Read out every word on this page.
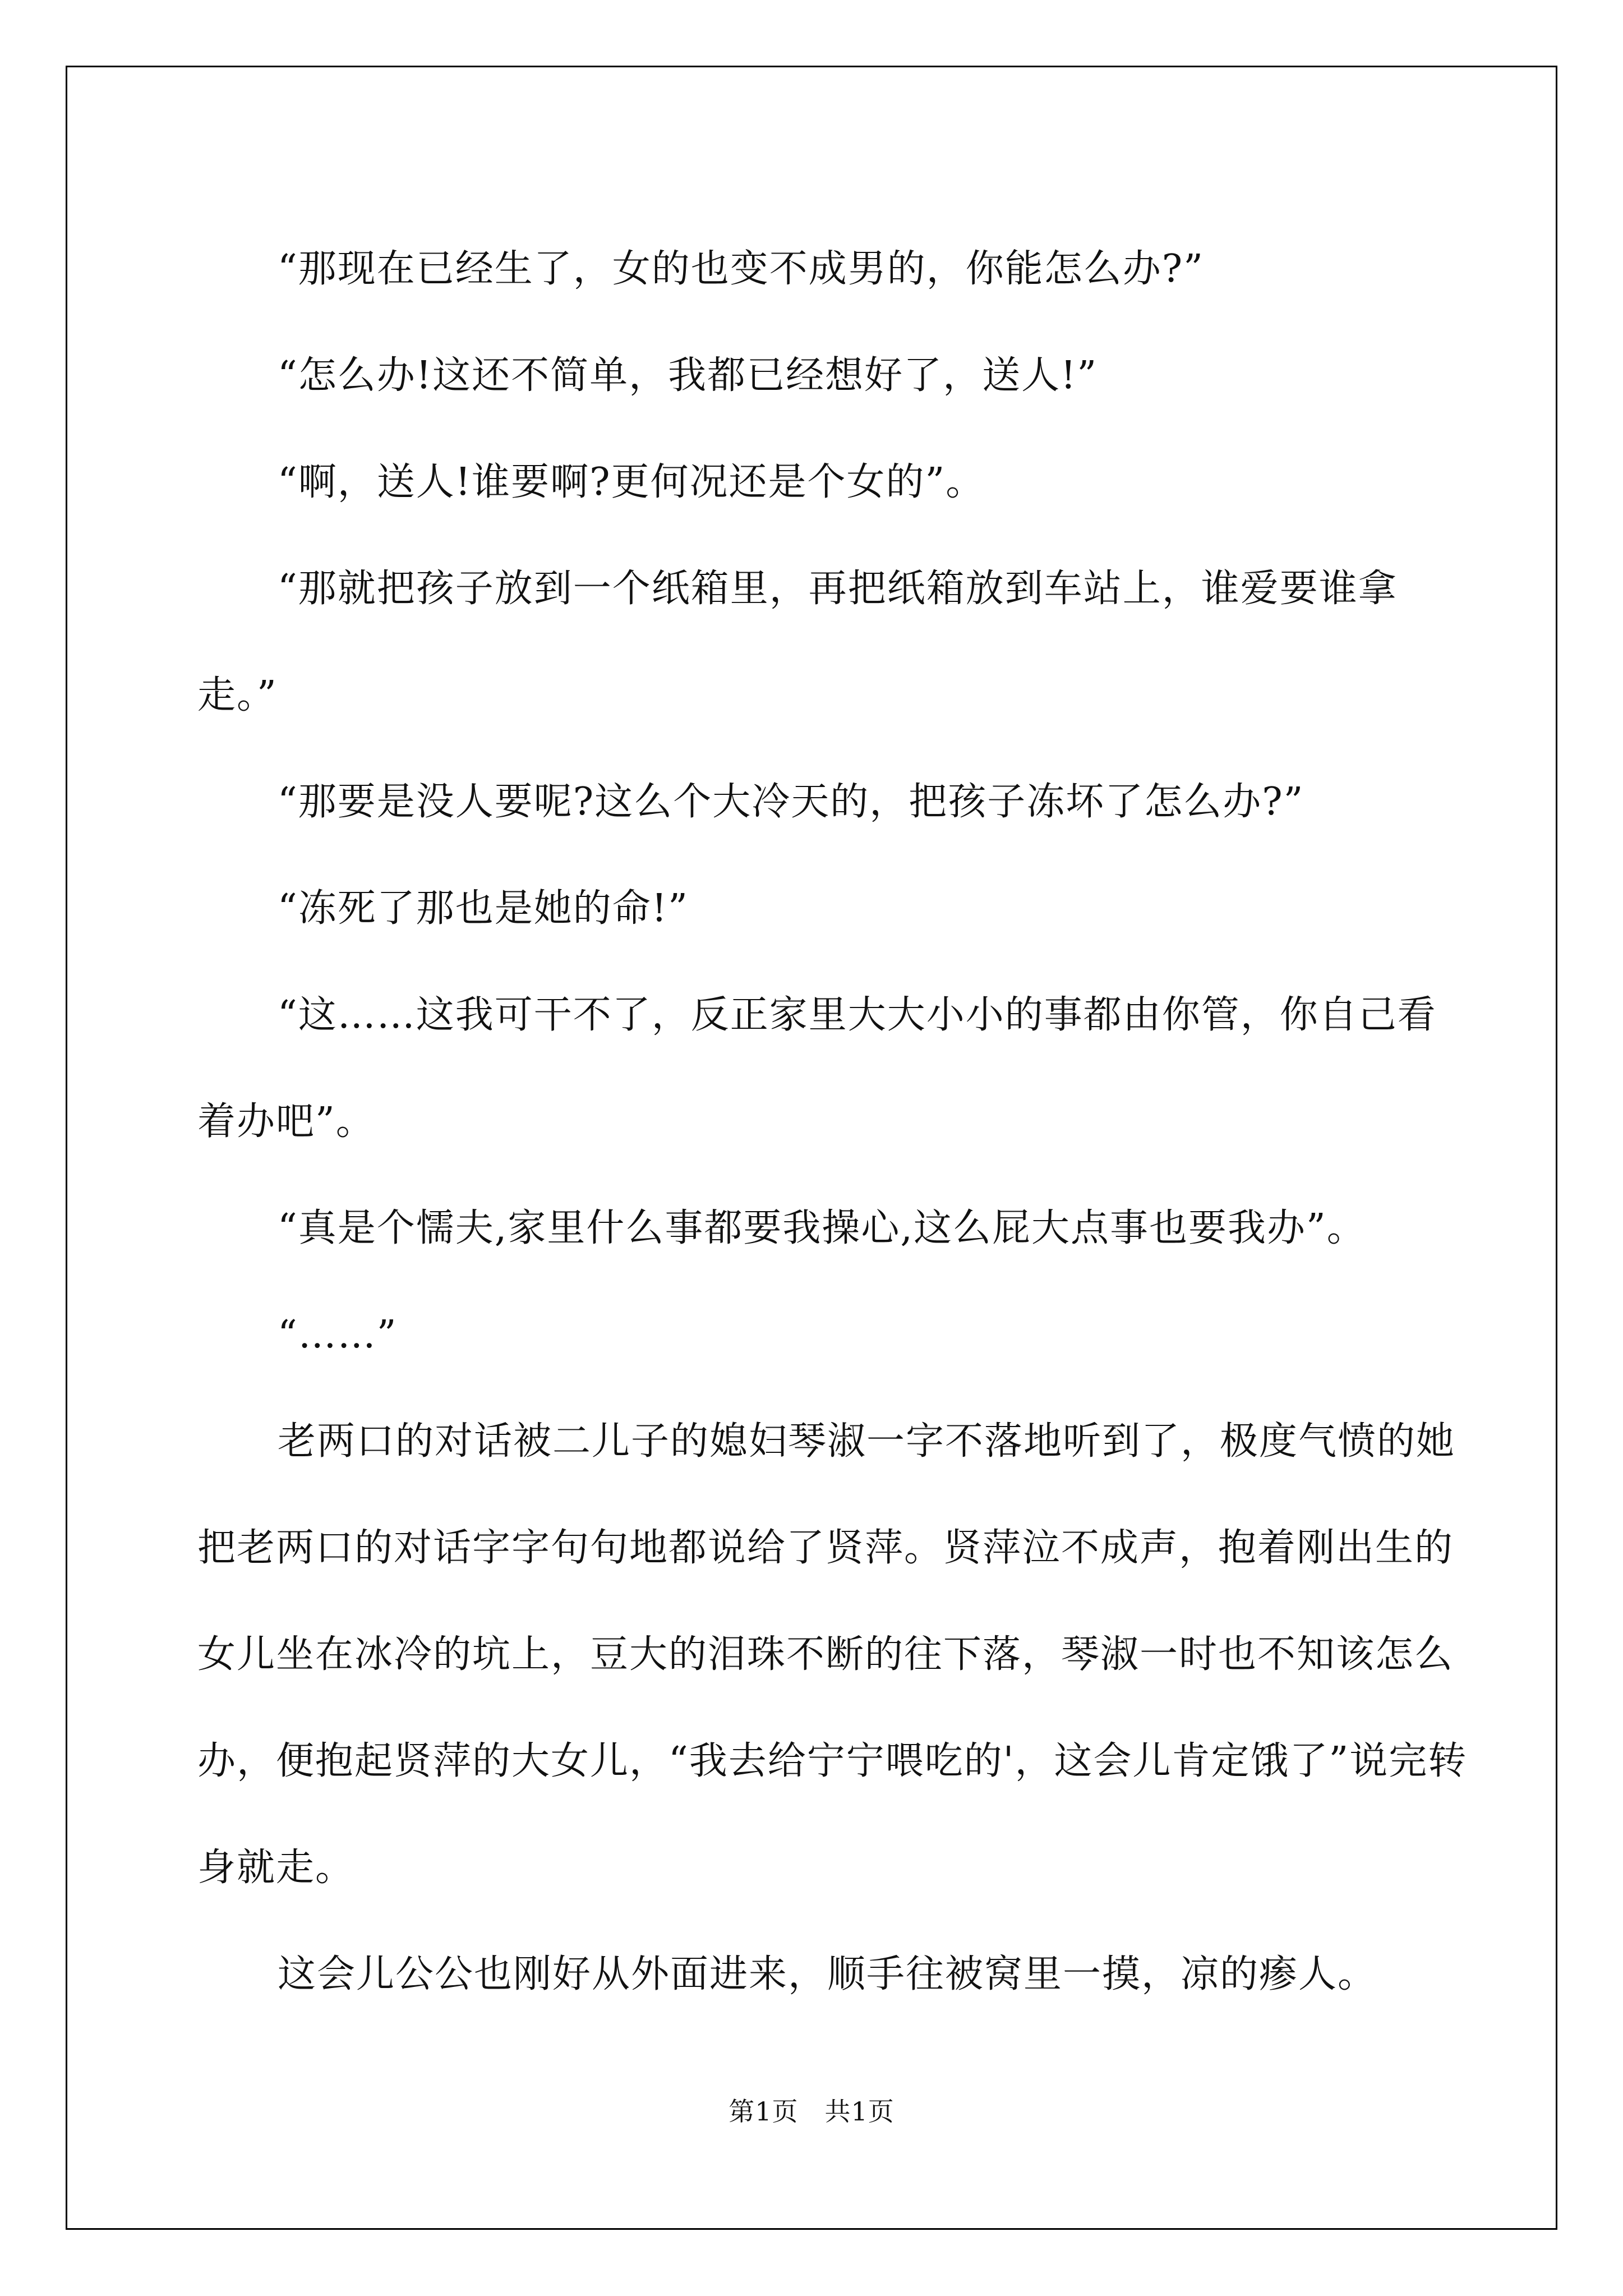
“那现在已经生了，女的也变不成男的，你能怎么办?”

“怎么办!这还不简单，我都已经想好了，送人!”

“啊，送人!谁要啊?更何况还是个女的”。

“那就把孩子放到一个纸箱里，再把纸箱放到车站上，谁爱要谁拿走。”

“那要是没人要呢?这么个大冷天的，把孩子冻坏了怎么办?”

“冻死了那也是她的命!”

“这……这我可干不了，反正家里大大小小的事都由你管，你自己看着办吧”。

“真是个懦夫,家里什么事都要我操心,这么屁大点事也要我办”。

“……”

老两口的对话被二儿子的媳妇琴淑一字不落地听到了，极度气愤的她把老两口的对话字字句句地都说给了贤萍。贤萍泣不成声，抱着刚出生的女儿坐在冰冷的坑上，豆大的泪珠不断的往下落，琴淑一时也不知该怎么办，便抱起贤萍的大女儿，“我去给宁宁喂吃的'，这会儿肯定饿了”说完转身就走。

这会儿公公也刚好从外面进来，顺手往被窝里一摸，凉的瘆人。

第1页　共1页
